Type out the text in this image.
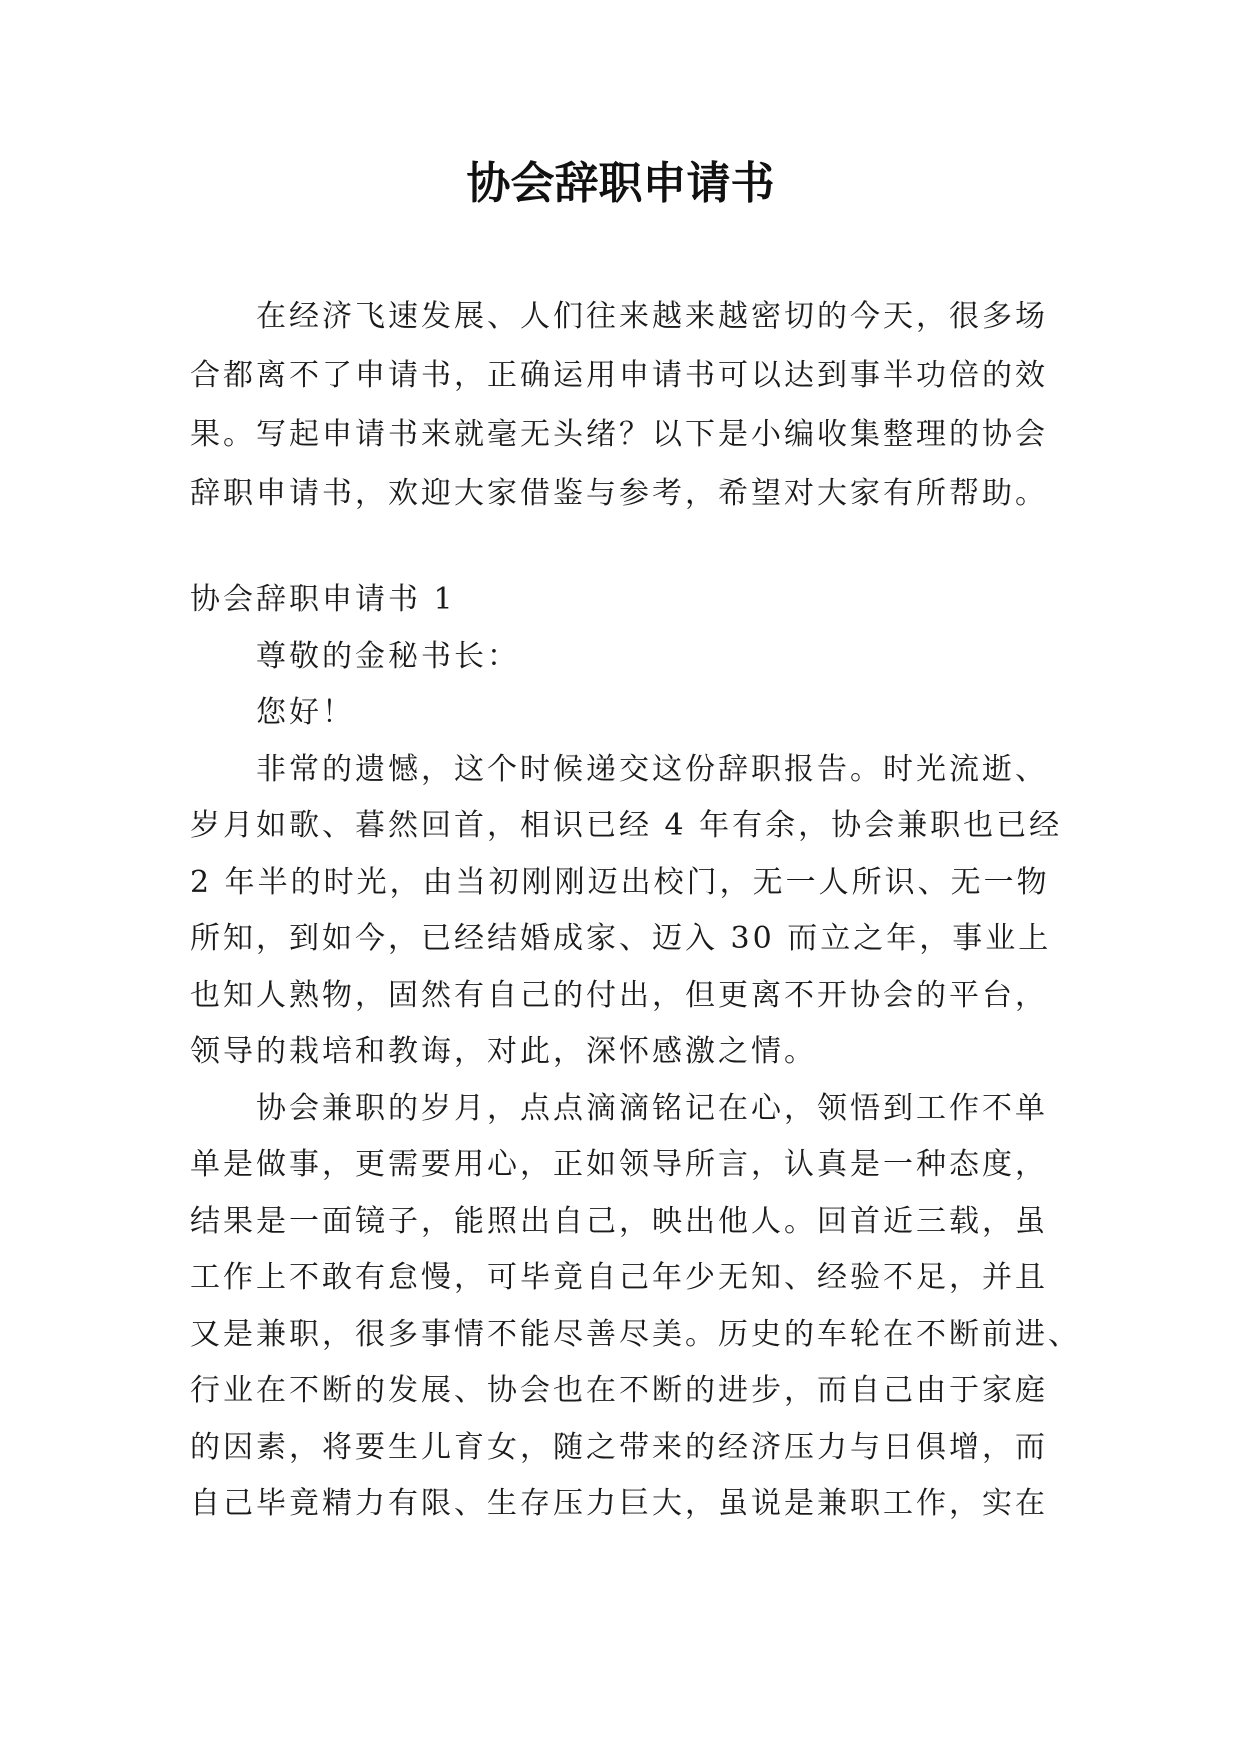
协会辞职申请书
　　在经济飞速发展、人们往来越来越密切的今天，很多场
合都离不了申请书，正确运用申请书可以达到事半功倍的效
果。写起申请书来就毫无头绪？以下是小编收集整理的协会
辞职申请书，欢迎大家借鉴与参考，希望对大家有所帮助。
协会辞职申请书 1
　　尊敬的金秘书长：
　　您好！
　　非常的遗憾，这个时候递交这份辞职报告。时光流逝、
岁月如歌、暮然回首，相识已经 4 年有余，协会兼职也已经
2 年半的时光，由当初刚刚迈出校门，无一人所识、无一物
所知，到如今，已经结婚成家、迈入 30 而立之年，事业上
也知人熟物，固然有自己的付出，但更离不开协会的平台，
领导的栽培和教诲，对此，深怀感激之情。
　　协会兼职的岁月，点点滴滴铭记在心，领悟到工作不单
单是做事，更需要用心，正如领导所言，认真是一种态度，
结果是一面镜子，能照出自己，映出他人。回首近三载，虽
工作上不敢有怠慢，可毕竟自己年少无知、经验不足，并且
又是兼职，很多事情不能尽善尽美。历史的车轮在不断前进、
行业在不断的发展、协会也在不断的进步，而自己由于家庭
的因素，将要生儿育女，随之带来的经济压力与日俱增，而
自己毕竟精力有限、生存压力巨大，虽说是兼职工作，实在
